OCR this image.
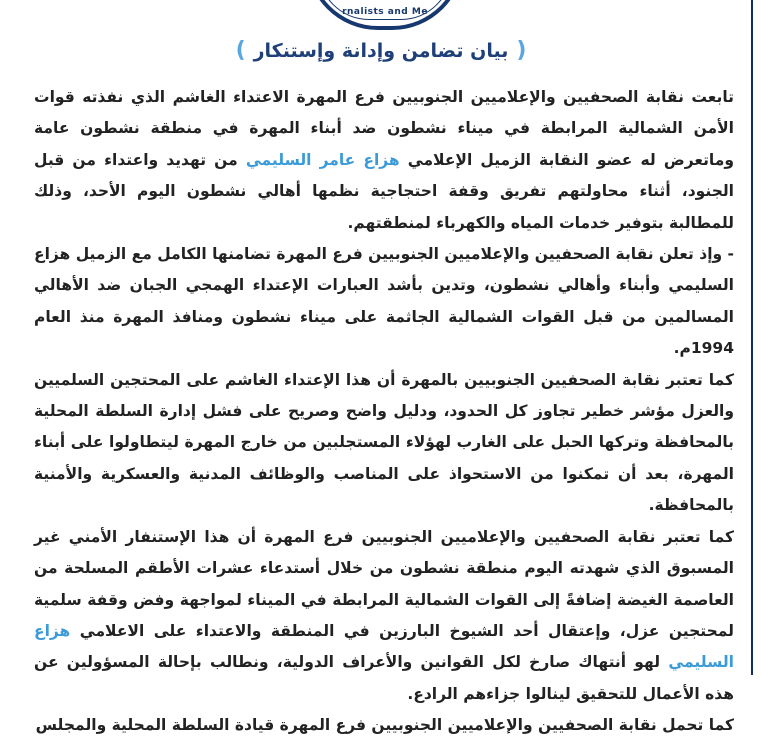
rnalists and Me
) بيان تضامن وإدانة وإستنكار (

تابعت نقابة الصحفيين والإعلاميين الجنوبيين فرع المهرة الاعتداء الغاشم الذي نفذته قوات الأمن الشمالية المرابطة في ميناء نشطون ضد أبناء المهرة في منطقة نشطون عامة وماتعرض له عضو النقابة الزميل الإعلامي هزاع عامر السليمي من تهديد واعتداء من قبل الجنود، أثناء محاولتهم تفريق وقفة احتجاجية نظمها أهالي نشطون اليوم الأحد، وذلك للمطالبة بتوفير خدمات المياه والكهرباء لمنطقتهم.

- وإذ تعلن نقابة الصحفيين والإعلاميين الجنوبيين فرع المهرة تضامنها الكامل مع الزميل هزاع السليمي وأبناء وأهالي نشطون، وتدين بأشد العبارات الإعتداء الهمجي الجبان ضد الأهالي المسالمين من قبل القوات الشمالية الجاثمة على ميناء نشطون ومنافذ المهرة منذ العام 1994م.

كما تعتبر نقابة الصحفيين الجنوبيين بالمهرة أن هذا الإعتداء الغاشم على المحتجين السلميين والعزل مؤشر خطير تجاوز كل الحدود، ودليل واضح وصريح على فشل إدارة السلطة المحلية بالمحافظة وتركها الحبل على الغارب لهؤلاء المستجلبين من خارج المهرة ليتطاولوا على أبناء المهرة، بعد أن تمكنوا من الاستحواذ على المناصب والوظائف المدنية والعسكرية والأمنية بالمحافظة.

كما تعتبر نقابة الصحفيين والإعلاميين الجنوبيين فرع المهرة أن هذا الإستنفار الأمني غير المسبوق الذي شهدته اليوم منطقة نشطون من خلال أستدعاء عشرات الأطقم المسلحة من العاصمة الغيضة إضافةً إلى القوات الشمالية المرابطة في الميناء لمواجهة وفض وقفة سلمية لمحتجين عزل، وإعتقال أحد الشيوخ البارزين في المنطقة والاعتداء على الاعلامي هزاع السليمي لهو أنتهاك صارخ لكل القوانين والأعراف الدولية، ونطالب بإحالة المسؤولين عن هذه الأعمال للتحقيق لينالوا جزاءهم الرادع.

كما تحمل نقابة الصحفيين والإعلاميين الجنوبيين فرع المهرة قيادة السلطة المحلية والمجلس
